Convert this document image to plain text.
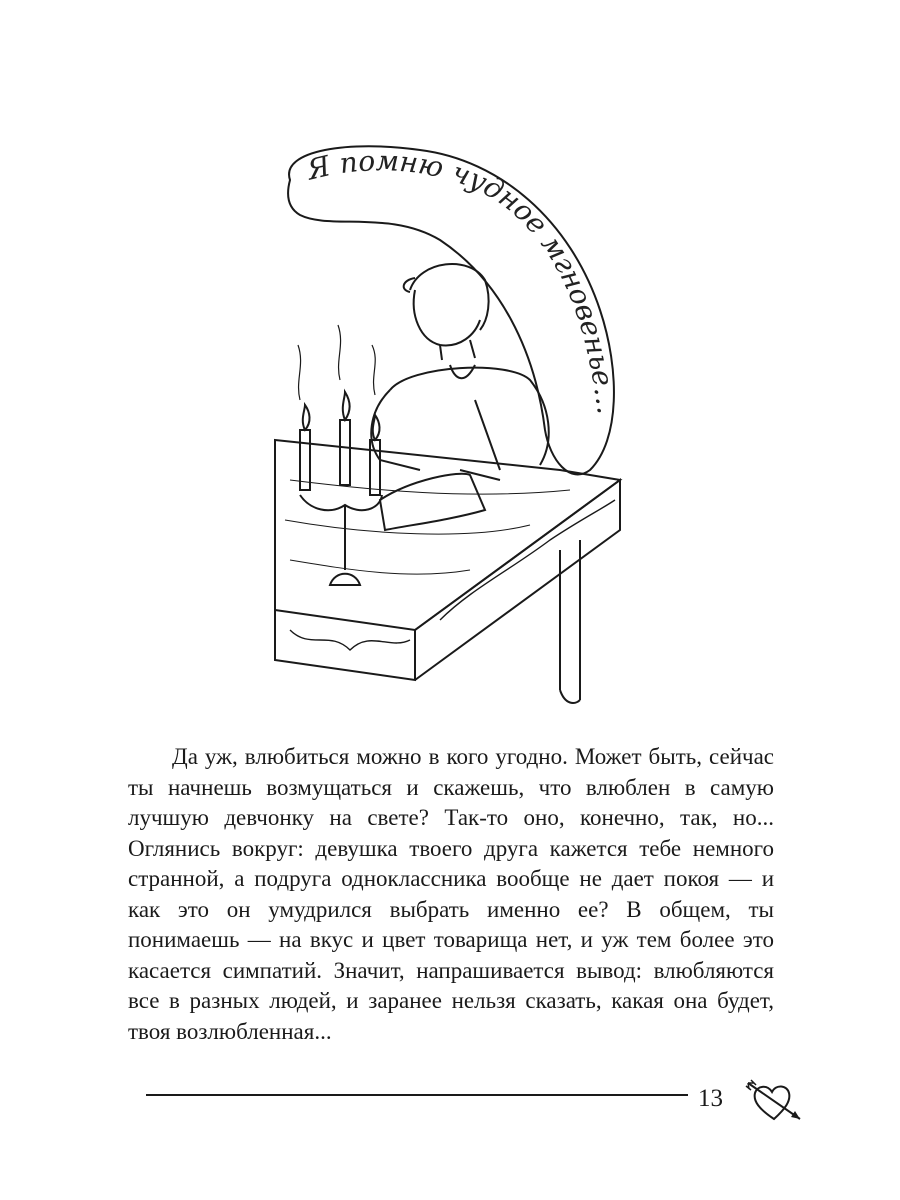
Я помню чудное мгновенье…

Да уж, влюбиться можно в кого угодно. Может быть, сейчас ты начнешь возмущаться и скажешь, что влюблен в самую лучшую девчонку на свете? Так-то оно, конечно, так, но... Оглянись вокруг: девушка твоего друга кажется тебе немного странной, а подруга одноклассника вообще не дает покоя — и как это он умудрился выбрать именно ее? В общем, ты понимаешь — на вкус и цвет товарища нет, и уж тем более это касается симпатий. Значит, напрашивается вывод: влюбляются все в разных людей, и заранее нельзя сказать, какая она будет, твоя возлюбленная...

13
